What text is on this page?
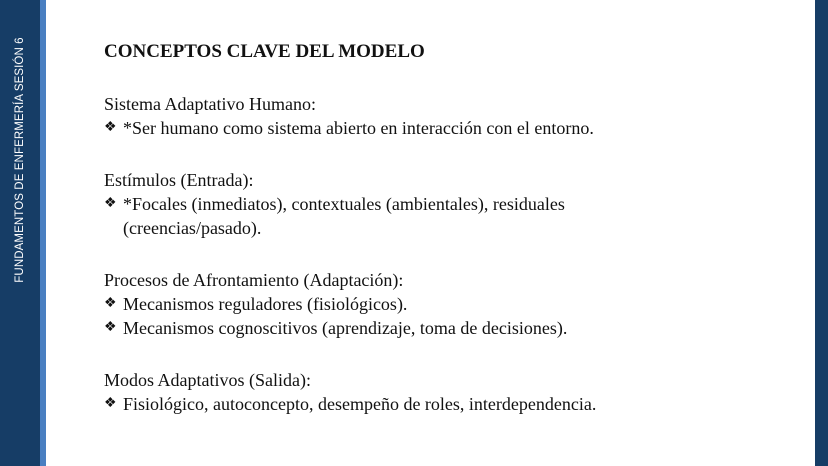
FUNDAMENTOS DE ENFERMERÍA SESIÓN 6	CONCEPTOS CLAVE DEL MODELO

Sistema Adaptativo Humano:

❖ *Ser humano como sistema abierto en interacción con el entorno.

Estímulos (Entrada):

❖ *Focales (inmediatos), contextuales (ambientales), residuales (creencias/pasado).

Procesos de Afrontamiento (Adaptación):

❖ Mecanismos reguladores (fisiológicos).

❖ Mecanismos cognoscitivos (aprendizaje, toma de decisiones).

Modos Adaptativos (Salida):

❖ Fisiológico, autoconcepto, desempeño de roles, interdependencia.
